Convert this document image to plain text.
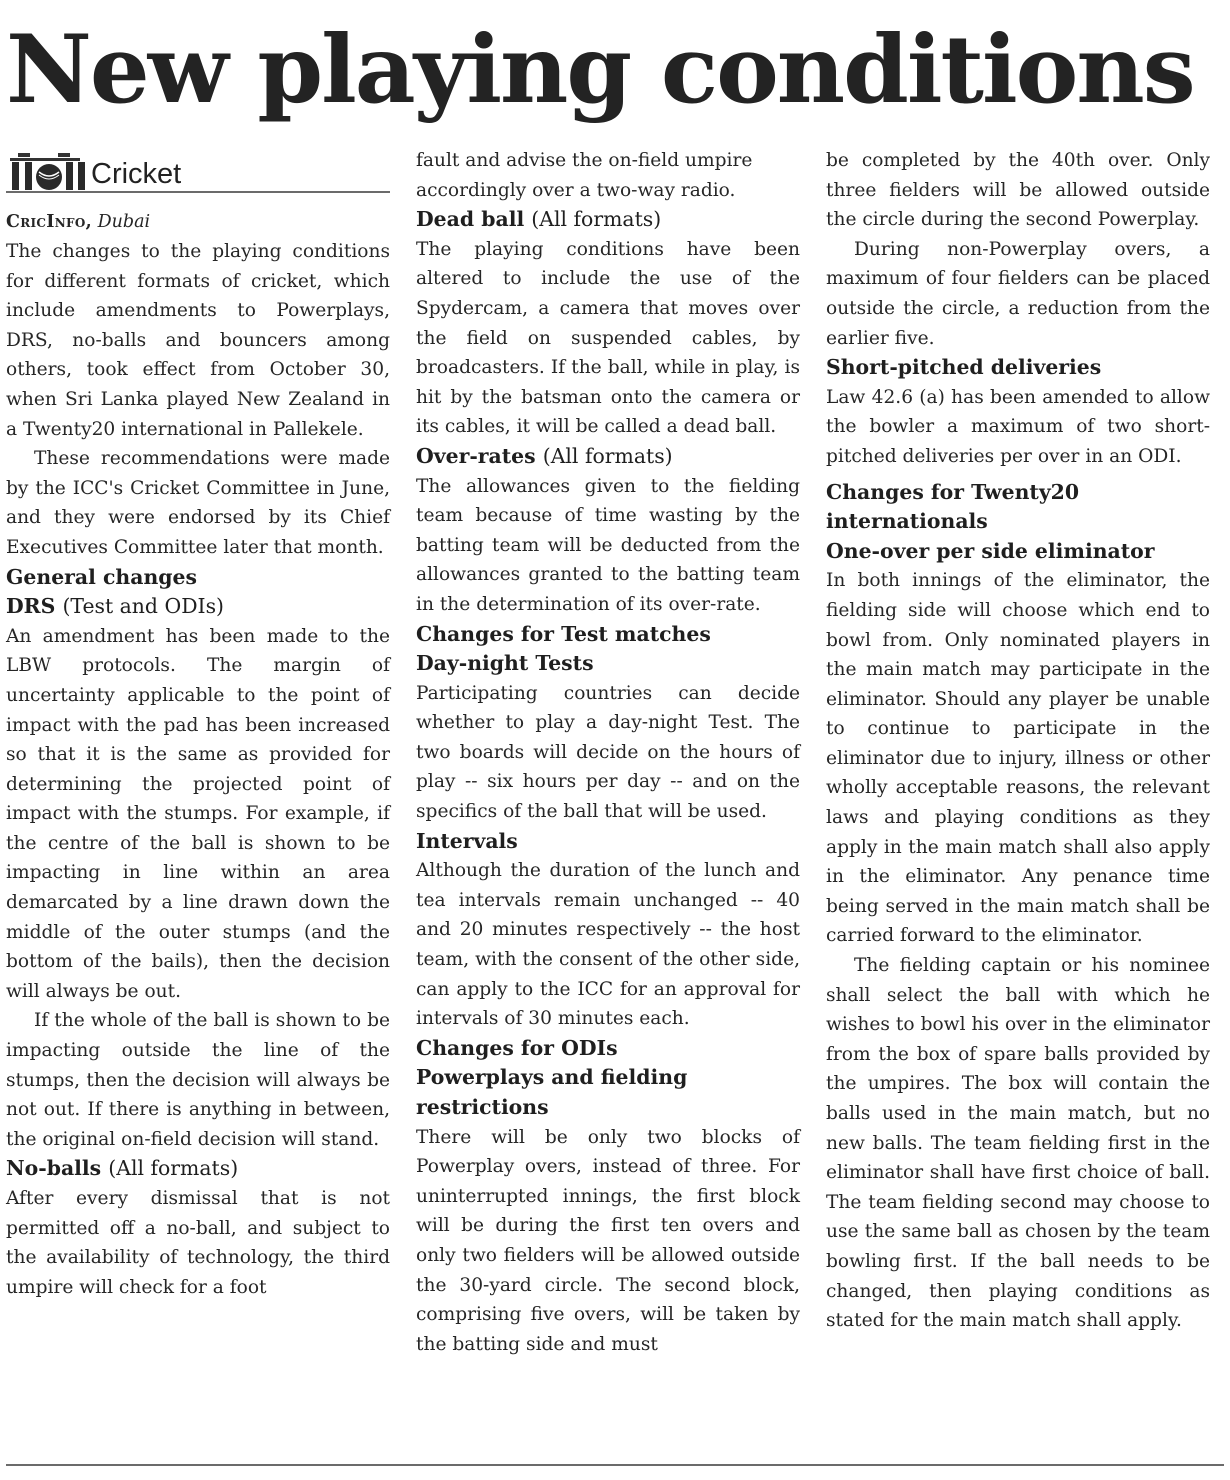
New playing conditions
Cricket

CricInfo, Dubai

The changes to the playing conditions for different formats of cricket, which include amendments to Powerplays, DRS, no-balls and bouncers among others, took effect from October 30, when Sri Lanka played New Zealand in a Twenty20 international in Pallekele.

These recommendations were made by the ICC's Cricket Committee in June, and they were endorsed by its Chief Executives Committee later that month.

General changes
DRS (Test and ODIs)

An amendment has been made to the LBW protocols. The margin of uncertainty applicable to the point of impact with the pad has been increased so that it is the same as provided for determining the projected point of impact with the stumps. For example, if the centre of the ball is shown to be impacting in line within an area demarcated by a line drawn down the middle of the outer stumps (and the bottom of the bails), then the decision will always be out.

If the whole of the ball is shown to be impacting outside the line of the stumps, then the decision will always be not out. If there is anything in between, the original on-field decision will stand.

No-balls (All formats)

After every dismissal that is not permitted off a no-ball, and subject to the availability of technology, the third umpire will check for a foot

fault and advise the on-field umpire accordingly over a two-way radio.

Dead ball (All formats)

The playing conditions have been altered to include the use of the Spydercam, a camera that moves over the field on suspended cables, by broadcasters. If the ball, while in play, is hit by the batsman onto the camera or its cables, it will be called a dead ball.

Over-rates (All formats)

The allowances given to the fielding team because of time wasting by the batting team will be deducted from the allowances granted to the batting team in the determination of its over-rate.

Changes for Test matches
Day-night Tests

Participating countries can decide whether to play a day-night Test. The two boards will decide on the hours of play -- six hours per day -- and on the specifics of the ball that will be used.

Intervals

Although the duration of the lunch and tea intervals remain unchanged -- 40 and 20 minutes respectively -- the host team, with the consent of the other side, can apply to the ICC for an approval for intervals of 30 minutes each.

Changes for ODIs
Powerplays and fielding restrictions

There will be only two blocks of Powerplay overs, instead of three. For uninterrupted innings, the first block will be during the first ten overs and only two fielders will be allowed outside the 30-yard circle. The second block, comprising five overs, will be taken by the batting side and must

be completed by the 40th over. Only three fielders will be allowed outside the circle during the second Powerplay.

During non-Powerplay overs, a maximum of four fielders can be placed outside the circle, a reduction from the earlier five.

Short-pitched deliveries

Law 42.6 (a) has been amended to allow the bowler a maximum of two short-pitched deliveries per over in an ODI.

Changes for Twenty20 internationals
One-over per side eliminator

In both innings of the eliminator, the fielding side will choose which end to bowl from. Only nominated players in the main match may participate in the eliminator. Should any player be unable to continue to participate in the eliminator due to injury, illness or other wholly acceptable reasons, the relevant laws and playing conditions as they apply in the main match shall also apply in the eliminator. Any penance time being served in the main match shall be carried forward to the eliminator.

The fielding captain or his nominee shall select the ball with which he wishes to bowl his over in the eliminator from the box of spare balls provided by the umpires. The box will contain the balls used in the main match, but no new balls. The team fielding first in the eliminator shall have first choice of ball. The team fielding second may choose to use the same ball as chosen by the team bowling first. If the ball needs to be changed, then playing conditions as stated for the main match shall apply.
